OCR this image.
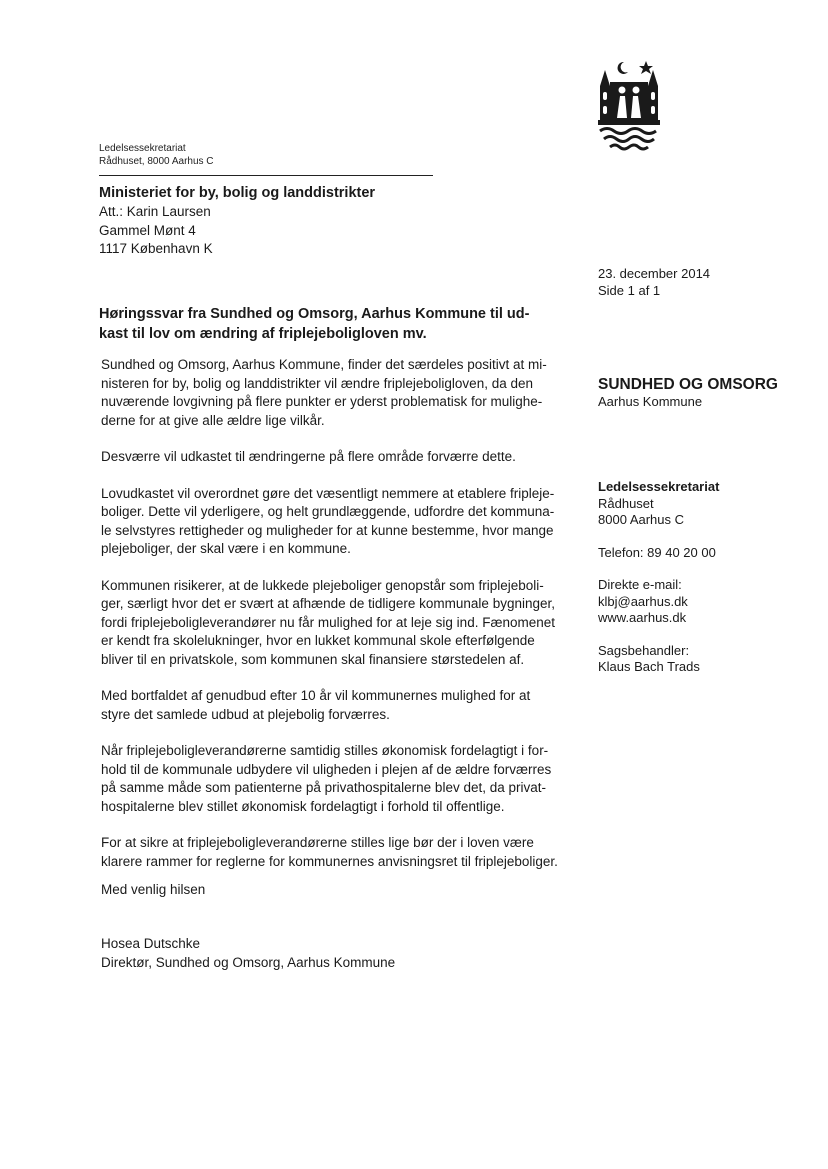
Ledelsessekretariat
Rådhuset, 8000 Aarhus C
Ministeriet for by, bolig og landdistrikter
Att.: Karin Laursen
Gammel Mønt 4
1117 København K
23. december 2014
Side 1 af 1
Høringssvar fra Sundhed og Omsorg, Aarhus Kommune til ud-
kast til lov om ændring af friplejeboligloven mv.

Sundhed og Omsorg, Aarhus Kommune, finder det særdeles positivt at mi-
nisteren for by, bolig og landdistrikter vil ændre friplejeboligloven, da den
nuværende lovgivning på flere punkter er yderst problematisk for mulighe-
derne for at give alle ældre lige vilkår.

Desværre vil udkastet til ændringerne på flere område forværre dette.

Lovudkastet vil overordnet gøre det væsentligt nemmere at etablere fripleje-
boliger. Dette vil yderligere, og helt grundlæggende, udfordre det kommuna-
le selvstyres rettigheder og muligheder for at kunne bestemme, hvor mange
plejeboliger, der skal være i en kommune.

Kommunen risikerer, at de lukkede plejeboliger genopstår som friplejeboli-
ger, særligt hvor det er svært at afhænde de tidligere kommunale bygninger,
fordi friplejeboligleverandører nu får mulighed for at leje sig ind. Fænomenet
er kendt fra skolelukninger, hvor en lukket kommunal skole efterfølgende
bliver til en privatskole, som kommunen skal finansiere størstedelen af.

Med bortfaldet af genudbud efter 10 år vil kommunernes mulighed for at
styre det samlede udbud at plejebolig forværres.

Når friplejeboligleverandørerne samtidig stilles økonomisk fordelagtigt i for-
hold til de kommunale udbydere vil uligheden i plejen af de ældre forværres
på samme måde som patienterne på privathospitalerne blev det, da privat-
hospitalerne blev stillet økonomisk fordelagtigt i forhold til offentlige.

For at sikre at friplejeboligleverandørerne stilles lige bør der i loven være
klarere rammer for reglerne for kommunernes anvisningsret til friplejeboliger.

Med venlig hilsen
Hosea Dutschke
Direktør, Sundhed og Omsorg, Aarhus Kommune
SUNDHED OG OMSORG
Aarhus Kommune
Ledelsessekretariat
Rådhuset
8000 Aarhus C
Telefon: 89 40 20 00
Direkte e-mail:
klbj@aarhus.dk
www.aarhus.dk
Sagsbehandler:
Klaus Bach Trads
